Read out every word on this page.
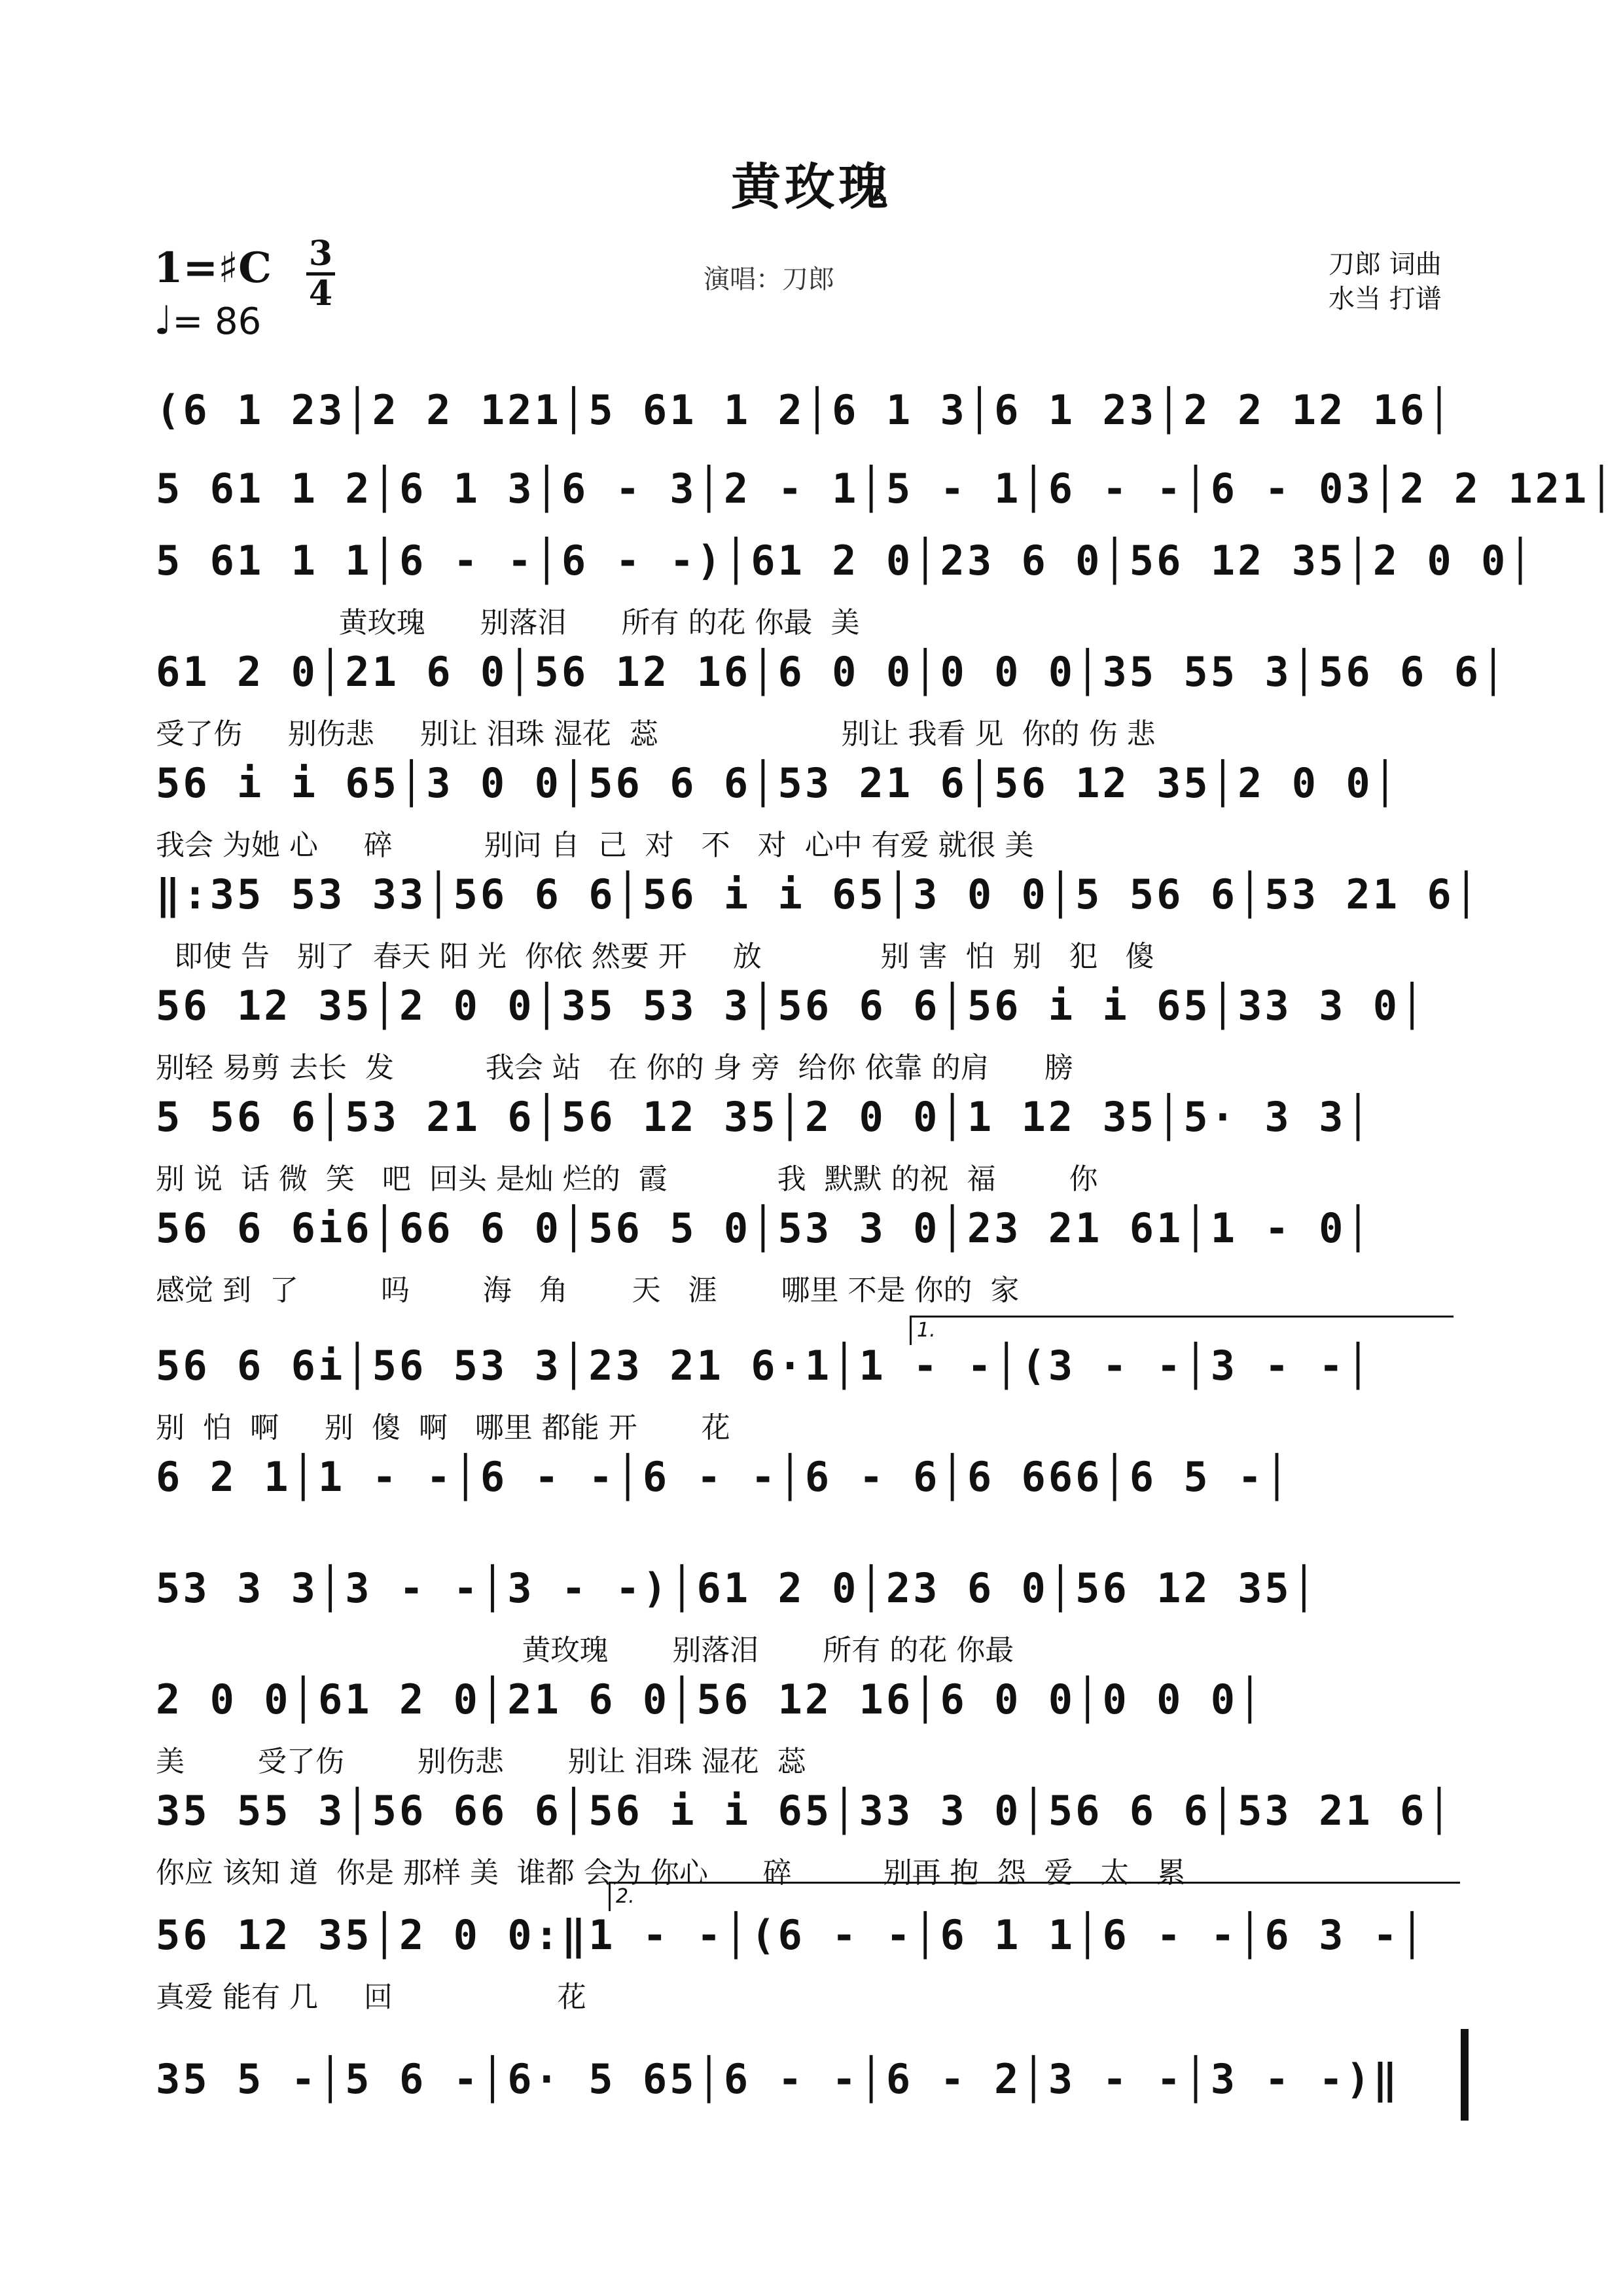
黄玫瑰
1=♯C 3
4
♩= 86
演唱：刀郎	刀郎 词曲
水当 打谱
(6 1 23│2 2 121│5 61 1 2│6 1 3│6 1 23│2 2 12 16│
5 61 1 2│6 1 3│6 - 3│2 - 1│5 - 1│6 - -│6 - 03│2 2 121│
5 61 1 1│6 - -│6 - -)│61 2 0│23 6 0│56 12 35│2 0 0│
黄玫瑰      别落泪      所有 的花 你最  美
61 2 0│21 6 0│56 12 16│6 0 0│0 0 0│35 55 3│56 6 6│
受了伤     别伤悲     别让 泪珠 湿花  蕊                    别让 我看 见  你的 伤 悲
56 i i 65│3 0 0│56 6 6│53 21 6│56 12 35│2 0 0│
我会 为她 心     碎          别问 自  己  对   不   对  心中 有爱 就很 美
‖:35 53 33│56 6 6│56 i i 65│3 0 0│5 56 6│53 21 6│
即使 告   别了  春天 阳 光  你依 然要 开     放             别 害  怕  别   犯   傻
56 12 35│2 0 0│35 53 3│56 6 6│56 i i 65│33 3 0│
别轻 易剪 去长  发          我会 站   在 你的 身 旁  给你 依靠 的肩      膀
5 56 6│53 21 6│56 12 35│2 0 0│1 12 35│5· 3 3│
别 说  话 微  笑   吧  回头 是灿 烂的  霞            我  默默 的祝  福        你
56 6 6i6│66 6 0│56 5 0│53 3 0│23 21 61│1 - 0│
感觉 到  了         吗        海   角       天   涯       哪里 不是 你的  家
1.
56 6 6i│56 53 3│23 21 6·1│1 - -│(3 - -│3 - -│
别  怕  啊     别  傻  啊   哪里 都能 开       花
6 2 1│1 - -│6 - -│6 - -│6 - 6│6 666│6 5 -│
53 3 3│3 - -│3 - -)│61 2 0│23 6 0│56 12 35│
黄玫瑰       别落泪       所有 的花 你最
2 0 0│61 2 0│21 6 0│56 12 16│6 0 0│0 0 0│
美        受了伤        别伤悲       别让 泪珠 湿花  蕊
35 55 3│56 66 6│56 i i 65│33 3 0│56 6 6│53 21 6│
你应 该知 道  你是 那样 美  谁都 会为 你心      碎          别再 抱  怨  爱   太   累
2.
56 12 35│2 0 0:‖1 - -│(6 - -│6 1 1│6 - -│6 3 -│
真爱 能有 几     回                  花
35 5 -│5 6 -│6· 5 65│6 - -│6 - 2│3 - -│3 - -)‖
